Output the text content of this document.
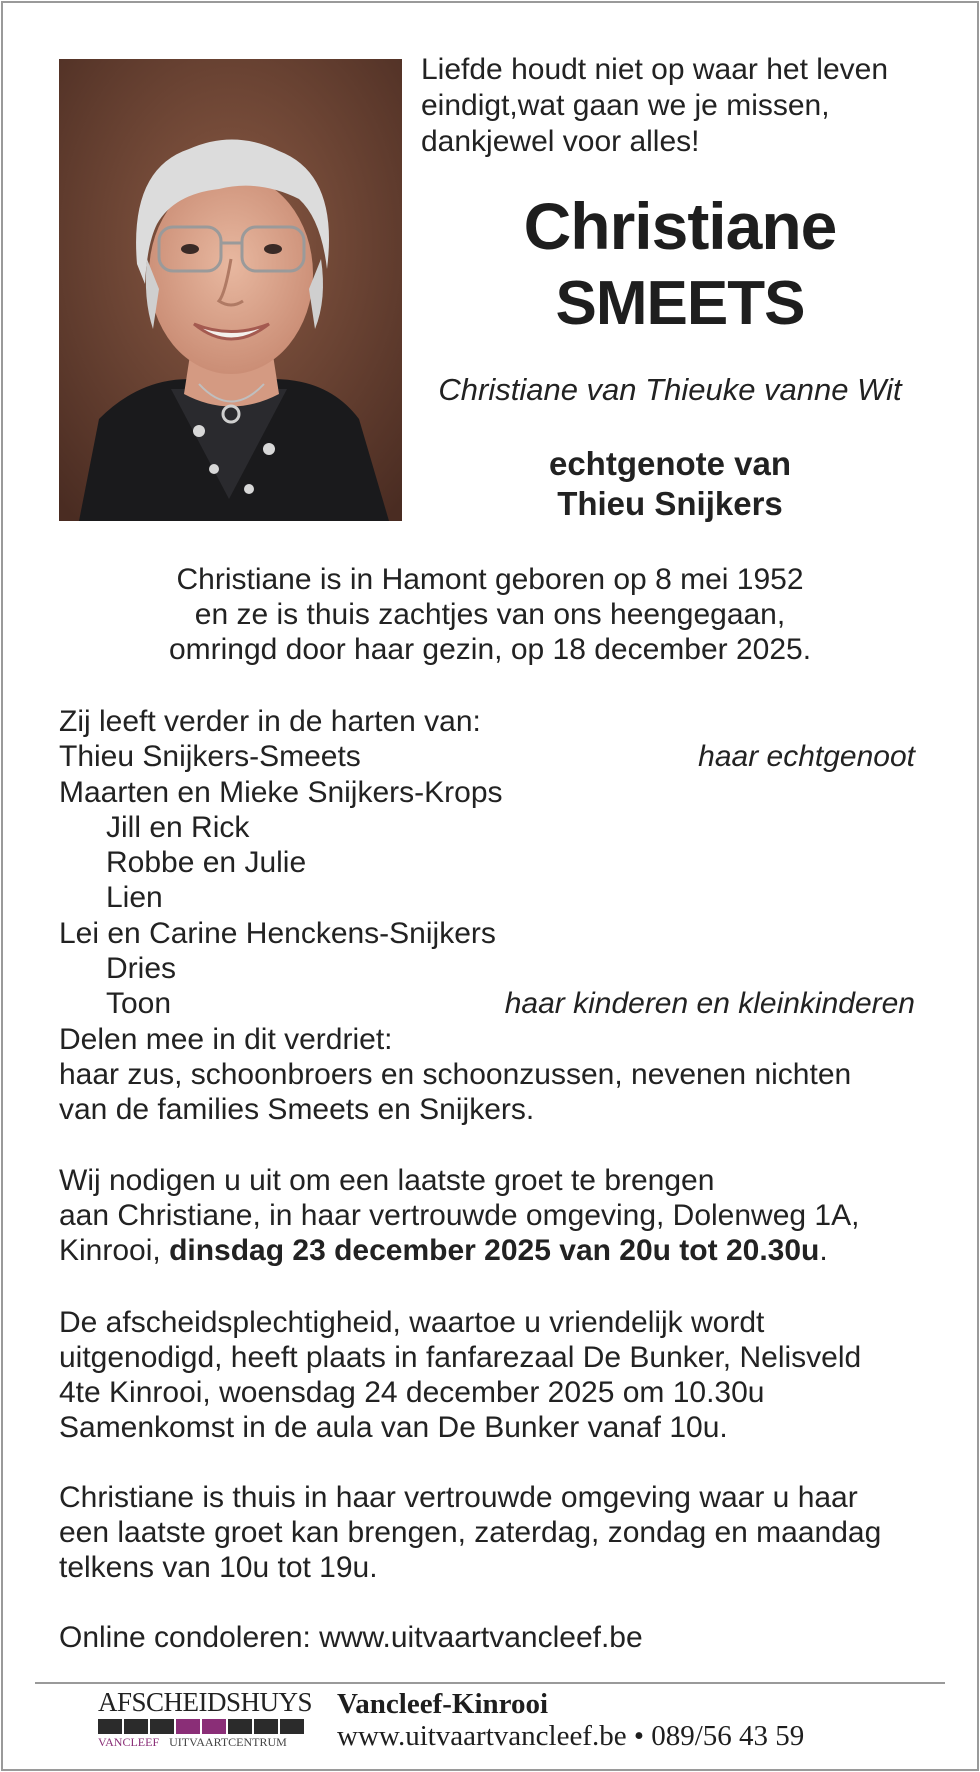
Liefde houdt niet op waar het leven
eindigt,wat gaan we je missen,
dankjewel voor alles!
Christiane
SMEETS
Christiane van Thieuke vanne Wit
echtgenote van
Thieu Snijkers
Christiane is in Hamont geboren op 8 mei 1952
en ze is thuis zachtjes van ons heengegaan,
omringd door haar gezin, op 18 december 2025.
Zij leeft verder in de harten van:
Thieu Snijkers-Smeets	haar echtgenoot
Maarten en Mieke Snijkers-Krops
Jill en Rick
Robbe en Julie
Lien
Lei en Carine Henckens-Snijkers
Dries
Toon	haar kinderen en kleinkinderen
Delen mee in dit verdriet:
haar zus, schoonbroers en schoonzussen, nevenen nichten
van de families Smeets en Snijkers.
Wij nodigen u uit om een laatste groet te brengen
aan Christiane, in haar vertrouwde omgeving, Dolenweg 1A,
Kinrooi, dinsdag 23 december 2025 van 20u tot 20.30u.
De afscheidsplechtigheid, waartoe u vriendelijk wordt
uitgenodigd, heeft plaats in fanfarezaal De Bunker, Nelisveld
4te Kinrooi, woensdag 24 december 2025 om 10.30u
Samenkomst in de aula van De Bunker vanaf 10u.
Christiane is thuis in haar vertrouwde omgeving waar u haar
een laatste groet kan brengen, zaterdag, zondag en maandag
telkens van 10u tot 19u.
Online condoleren: www.uitvaartvancleef.be
AFSCHEIDSHUYS
VANCLEEF UITVAARTCENTRUM
Vancleef-Kinrooi
www.uitvaartvancleef.be • 089/56 43 59
